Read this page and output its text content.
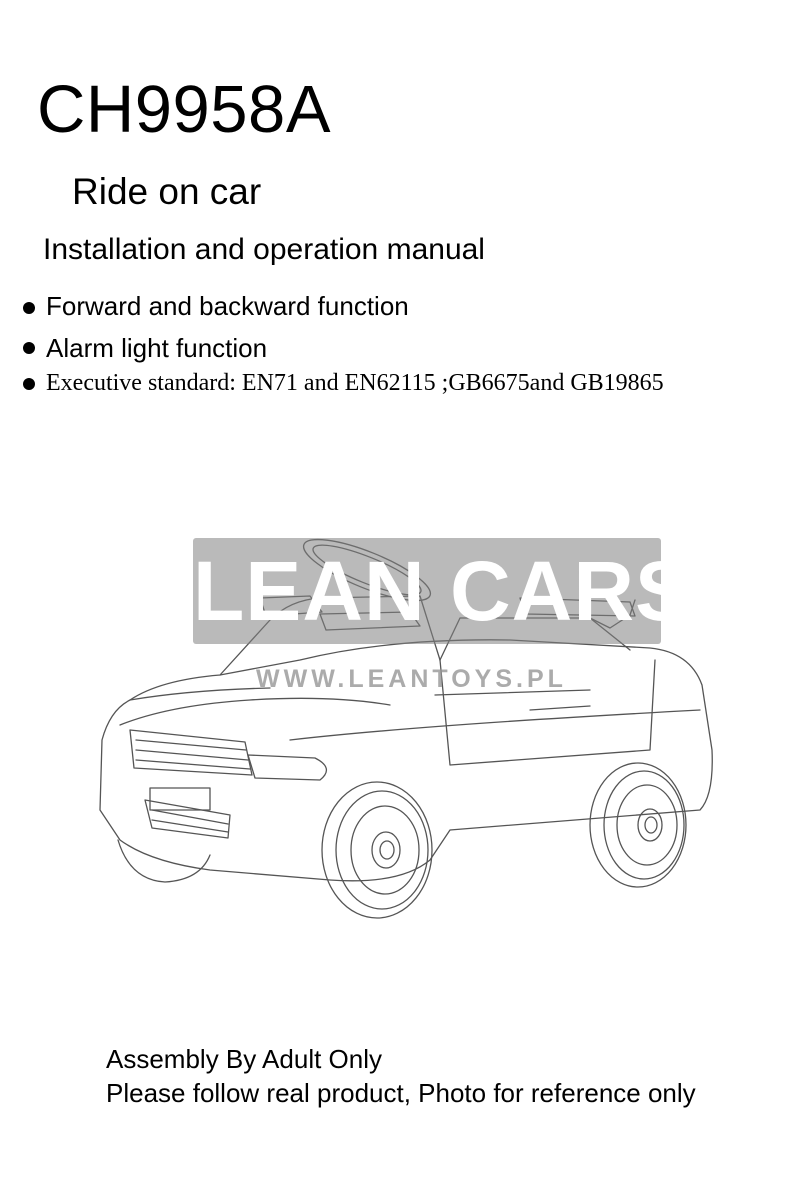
CH9958A
Ride on car
Installation and operation manual
Forward and backward function
Alarm light function
Executive standard: EN71 and EN62115 ;GB6675and GB19865
LEAN CARS
WWW.LEANTOYS.PL
Assembly By Adult Only
Please follow real product, Photo for reference only
